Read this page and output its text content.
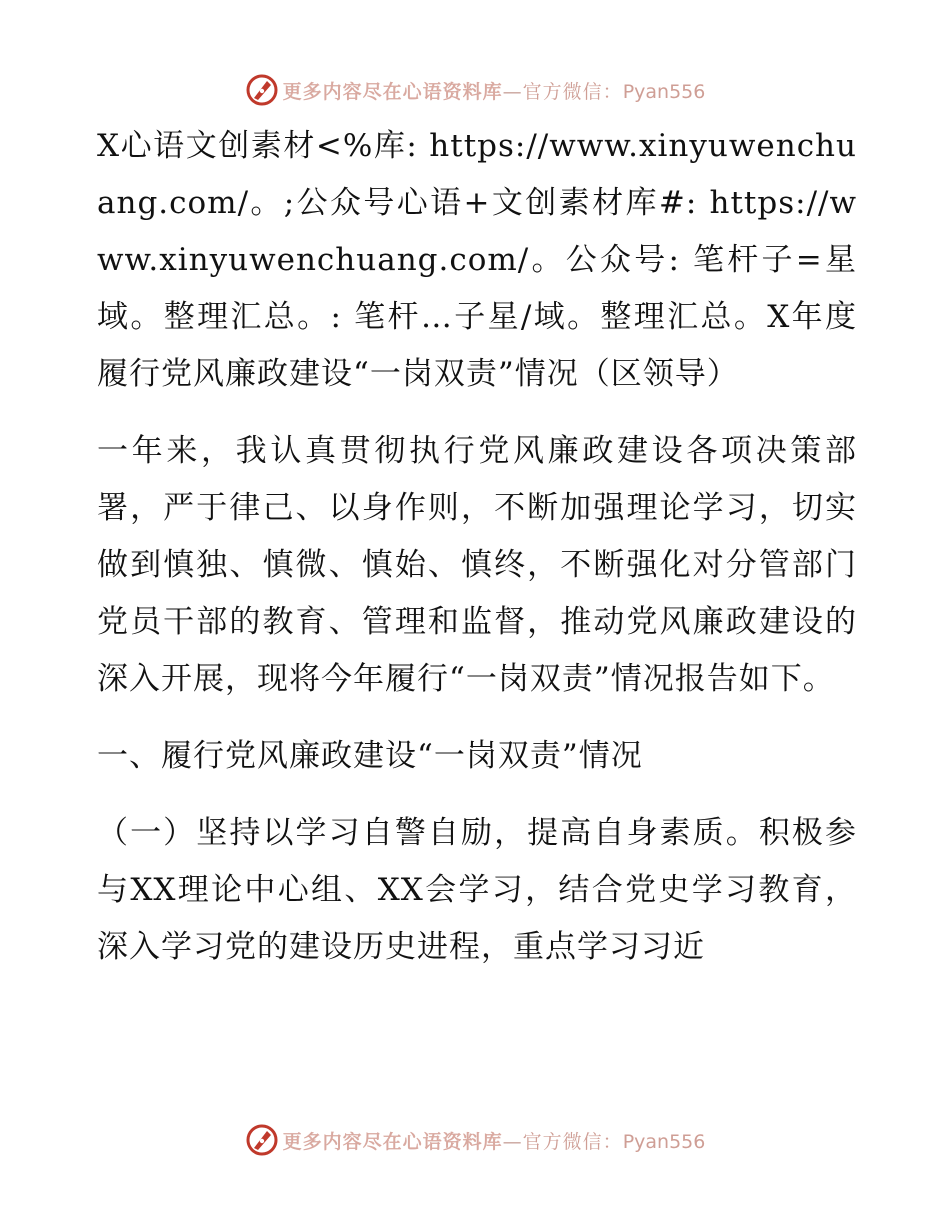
更多内容尽在心语资料库—官方微信：Pyan556

X心语文创素材<%库: https://www.xinyuwenchuang.com/。;公众号心语+文创素材库#: https://www.xinyuwenchuang.com/。公众号: 笔杆子=星域。整理汇总。: 笔杆…子星/域。整理汇总。X年度履行党风廉政建设“一岗双责”情况（区领导）

一年来，我认真贯彻执行党风廉政建设各项决策部署，严于律己、以身作则，不断加强理论学习，切实做到慎独、慎微、慎始、慎终，不断强化对分管部门党员干部的教育、管理和监督，推动党风廉政建设的深入开展，现将今年履行“一岗双责”情况报告如下。

一、履行党风廉政建设“一岗双责”情况

（一）坚持以学习自警自励，提高自身素质。积极参与XX理论中心组、XX会学习，结合党史学习教育，深入学习党的建设历史进程，重点学习习近

更多内容尽在心语资料库—官方微信：Pyan556
